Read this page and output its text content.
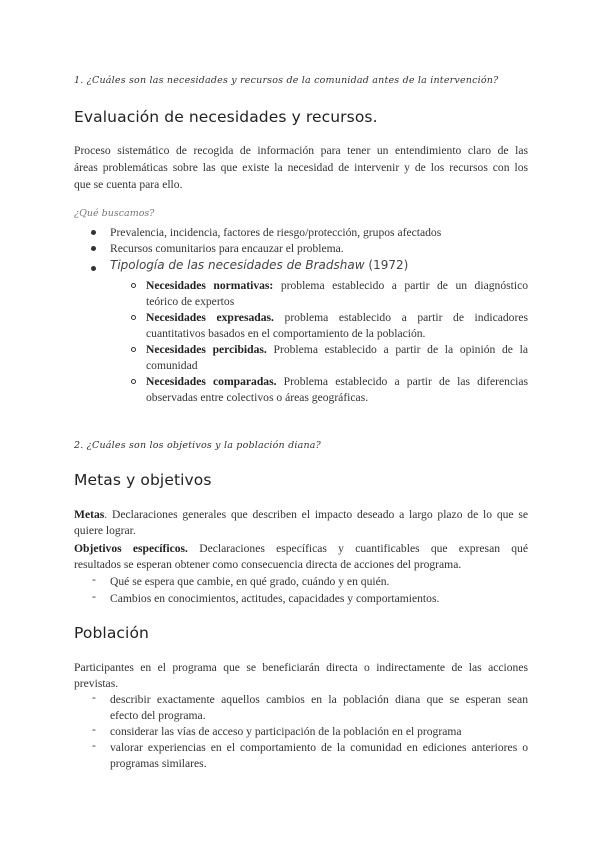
1. ¿Cuáles son las necesidades y recursos de la comunidad antes de la intervención?
Evaluación de necesidades y recursos.
Proceso sistemático de recogida de información para tener un entendimiento claro de las
áreas problemáticas sobre las que existe la necesidad de intervenir y de los recursos con los
que se cuenta para ello.
¿Qué buscamos?
Prevalencia, incidencia, factores de riesgo/protección, grupos afectados
Recursos comunitarios para encauzar el problema.
Tipología de las necesidades de Bradshaw (1972)
Necesidades normativas: problema establecido a partir de un diagnóstico
teórico de expertos
Necesidades expresadas. problema establecido a partir de indicadores
cuantitativos basados en el comportamiento de la población.
Necesidades percibidas. Problema establecido a partir de la opinión de la
comunidad
Necesidades comparadas. Problema establecido a partir de las diferencias
observadas entre colectivos o áreas geográficas.
2. ¿Cuáles son los objetivos y la población diana?
Metas y objetivos
Metas. Declaraciones generales que describen el impacto deseado a largo plazo de lo que se
quiere lograr.
Objetivos específicos. Declaraciones específicas y cuantificables que expresan qué
resultados se esperan obtener como consecuencia directa de acciones del programa.
- Qué se espera que cambie, en qué grado, cuándo y en quién.
- Cambios en conocimientos, actitudes, capacidades y comportamientos.
Población
Participantes en el programa que se beneficiarán directa o indirectamente de las acciones
previstas.
- describir exactamente aquellos cambios en la población diana que se esperan sean
efecto del programa.
- considerar las vías de acceso y participación de la población en el programa
- valorar experiencias en el comportamiento de la comunidad en ediciones anteriores o
programas similares.
